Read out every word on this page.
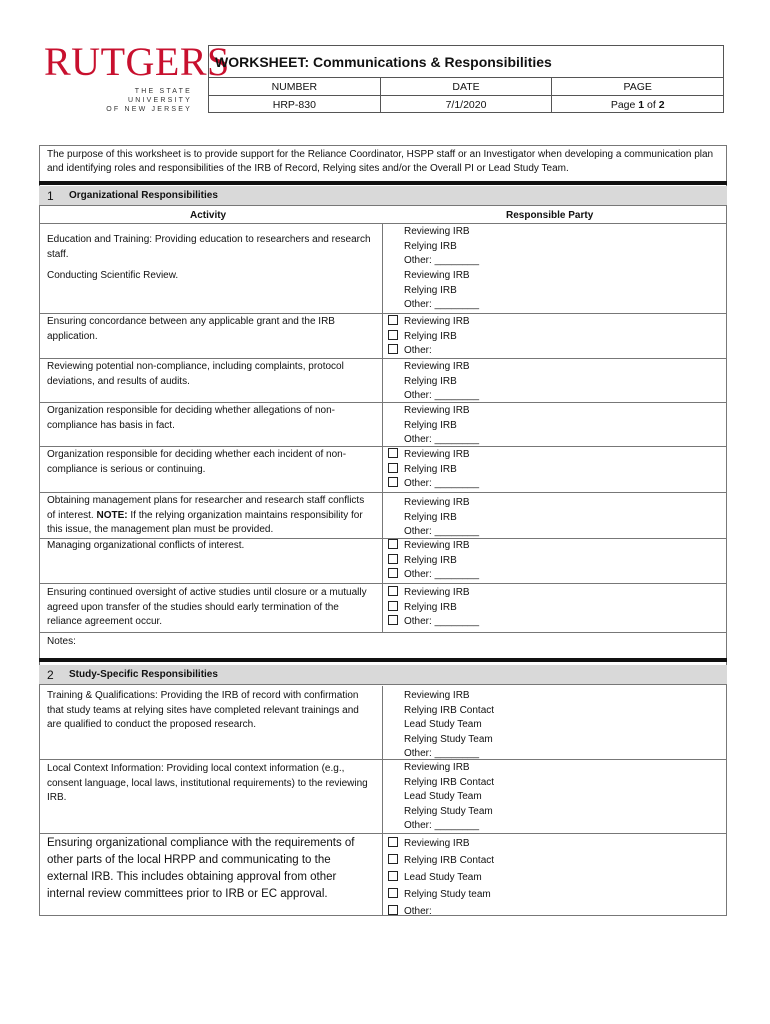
RUTGERS
THE STATE UNIVERSITY
OF NEW JERSEY
WORKSHEET: Communications & Responsibilities
NUMBER	DATE	PAGE
HRP-830	7/1/2020	Page 1 of 2
The purpose of this worksheet is to provide support for the Reliance Coordinator, HSPP staff or an Investigator when developing a communication plan and identifying roles and responsibilities of the IRB of Record, Relying sites and/or the Overall PI or Lead Study Team.
1 Organizational Responsibilities
Activity	Responsible Party
Education and Training: Providing education to researchers and research staff.
Reviewing IRB
Relying IRB
Other: ________
Conducting Scientific Review.	Reviewing IRB
Relying IRB
Other: ________
Ensuring concordance between any applicable grant and the IRB application.
Reviewing IRB
Relying IRB
Other:
Reviewing potential non-compliance, including complaints, protocol deviations, and results of audits.
Reviewing IRB
Relying IRB
Other: ________
Organization responsible for deciding whether allegations of non-compliance has basis in fact.
Reviewing IRB
Relying IRB
Other: ________
Organization responsible for deciding whether each incident of non-compliance is serious or continuing.
Reviewing IRB
Relying IRB
Other: ________
Obtaining management plans for researcher and research staff conflicts of interest. NOTE: If the relying organization maintains responsibility for this issue, the management plan must be provided.
Reviewing IRB
Relying IRB
Other: ________
Managing organizational conflicts of interest.	Reviewing IRB
Relying IRB
Other: ________
Ensuring continued oversight of active studies until closure or a mutually agreed upon transfer of the studies should early termination of the reliance agreement occur.
Reviewing IRB
Relying IRB
Other: ________
Notes:
2 Study-Specific Responsibilities
Training & Qualifications: Providing the IRB of record with confirmation that study teams at relying sites have completed relevant trainings and are qualified to conduct the proposed research.
Reviewing IRB
Relying IRB Contact
Lead Study Team
Relying Study Team
Other: ________
Local Context Information: Providing local context information (e.g., consent language, local laws, institutional requirements) to the reviewing IRB.
Reviewing IRB
Relying IRB Contact
Lead Study Team
Relying Study Team
Other: ________
Ensuring organizational compliance with the requirements of other parts of the local HRPP and communicating to the external IRB. This includes obtaining approval from other internal review committees prior to IRB or EC approval.
Reviewing IRB
Relying IRB Contact
Lead Study Team
Relying Study team
Other:
